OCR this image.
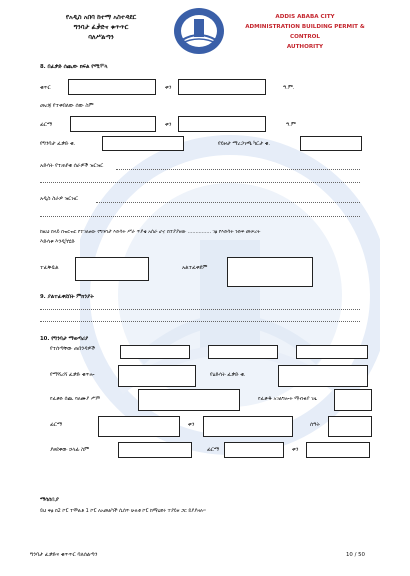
የአዲስ አበባ ከተማ አስተዳደር
ግንባታ ፈቃድና ቁጥጥር
ባለሥልጣን
ADDIS ABABA CITY
ADMINISTRATION BUILDING PERMIT & CONTROL
AUTHORITY
8. በፈቃድ ሰጪው ክፍል የሚሞላ
ቁጥር	ቀን	ዓ.ም.
መረጃ የተቀበለው ሰው ስም
ፊርማ	ቀን	ዓ.ም
የግንባታ ፈቃድ ቁ.	የይዞታ ማረጋገጫ ካርታ ቁ.
አድሳት የተጠየቁ ሰራዎች ዝርዝር
አዲስ ስራዎ ዝርዝር
ከዚህ በላይ በዝርዝር የተገለፀው የግንባታ እድሳት ሥራ ጥያቄ አሰራ ሆኖ በተያያዘው ............... ገፅ የእድሳት ንድፍ መሠረት
እድሳቱ እንዲካሄድ
ተፈቅዷል	አልተፈቀደም
9. ያልተፈቀደበት ምክንያት
10. የግንባታ ማወጣሪያ
የተሰጣቸው ጠበንዳዎች
የማሻረሻ ፈቃድ ቁጥሎ	የዕድሳት ፈቃድ ቁ.
የፈቃድ ሰጪ ባለሙያ ሥም	የፈቃዱ አገልግሎት ማብቂያ ገዜ
ፊርማ	ቀን	ሰዓት
ያፀደቀው ኃላፊ ስም	ፊርማ	ቀን
ማሳሰቢያ
ይህ ቅፅ በ2 ኮፒ ተሞልቶ 1 ኮፒ ለአመልካች ሲሰጥ ሁለቱ ኮፒ ከማህደሩ ተያይዞ ጋር ይያያዛሉ።
ግንባታ ፈቃድና ቁጥጥር ባለሰልጣን	10 / 50
